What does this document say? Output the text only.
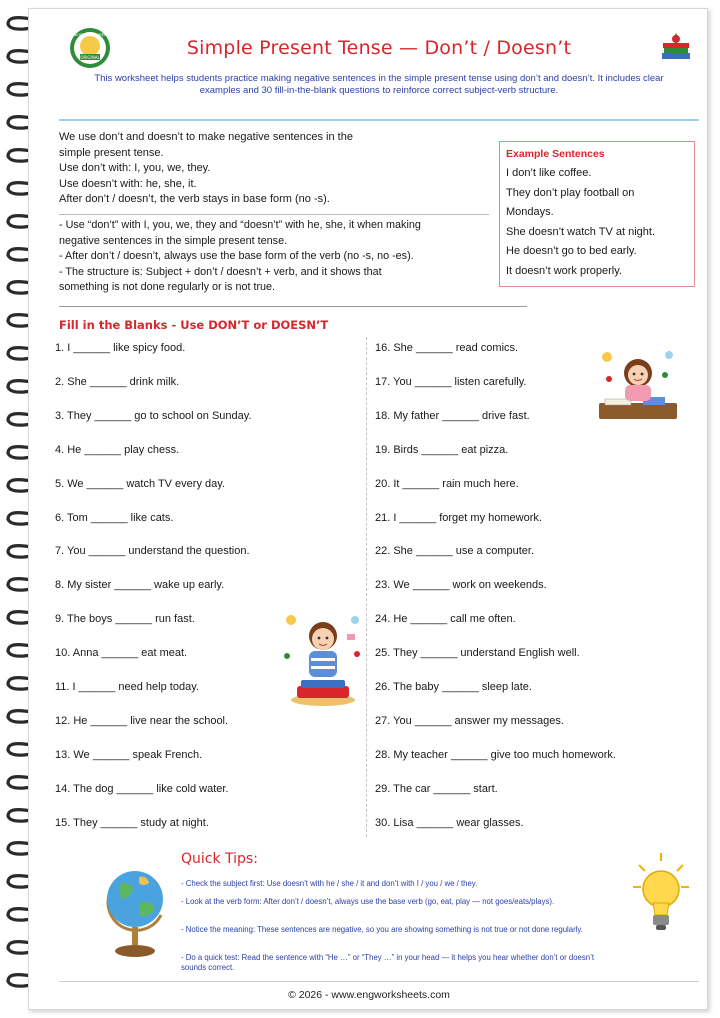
Engworksheets
ORIGINAL	Simple Present Tense — Don’t / Doesn’t
This worksheet helps students practice making negative sentences in the simple present tense using don’t and doesn’t. It includes clear examples and 30 fill-in-the-blank questions to reinforce correct subject-verb structure.
We use don’t and doesn’t to make negative sentences in the
simple present tense.
Use don’t with: I, you, we, they.
Use doesn’t with: he, she, it.
After don’t / doesn’t, the verb stays in base form (no -s).
- Use “don’t” with I, you, we, they and “doesn’t” with he, she, it when making
negative sentences in the simple present tense.
- After don’t / doesn’t, always use the base form of the verb (no -s, no -es).
- The structure is: Subject + don’t / doesn’t + verb, and it shows that
something is not done regularly or is not true.
Example Sentences
I don’t like coffee.
They don’t play football on
Mondays.
She doesn’t watch TV at night.
He doesn’t go to bed early.
It doesn’t work properly.
Fill in the Blanks - Use DON’T or DOESN’T
1. I ______ like spicy food.
2. She ______ drink milk.
3. They ______ go to school on Sunday.
4. He ______ play chess.
5. We ______ watch TV every day.
6. Tom ______ like cats.
7. You ______ understand the question.
8. My sister ______ wake up early.
9. The boys ______ run fast.
10. Anna ______ eat meat.
11. I ______ need help today.
12. He ______ live near the school.
13. We ______ speak French.
14. The dog ______ like cold water.
15. They ______ study at night.
16. She ______ read comics.
17. You ______ listen carefully.
18. My father ______ drive fast.
19. Birds ______ eat pizza.
20. It ______ rain much here.
21. I ______ forget my homework.
22. She ______ use a computer.
23. We ______ work on weekends.
24. He ______ call me often.
25. They ______ understand English well.
26. The baby ______ sleep late.
27. You ______ answer my messages.
28. My teacher ______ give too much homework.
29. The car ______ start.
30. Lisa ______ wear glasses.
Quick Tips:
- Check the subject first: Use doesn’t with he / she / it and don’t with I / you / we / they.
- Look at the verb form: After don’t / doesn’t, always use the base verb (go, eat, play — not goes/eats/plays).
- Notice the meaning: These sentences are negative, so you are showing something is not true or not done regularly.
- Do a quick test: Read the sentence with “He …” or “They …” in your head — it helps you hear whether don’t or doesn’t sounds correct.
© 2026 - www.engworksheets.com
